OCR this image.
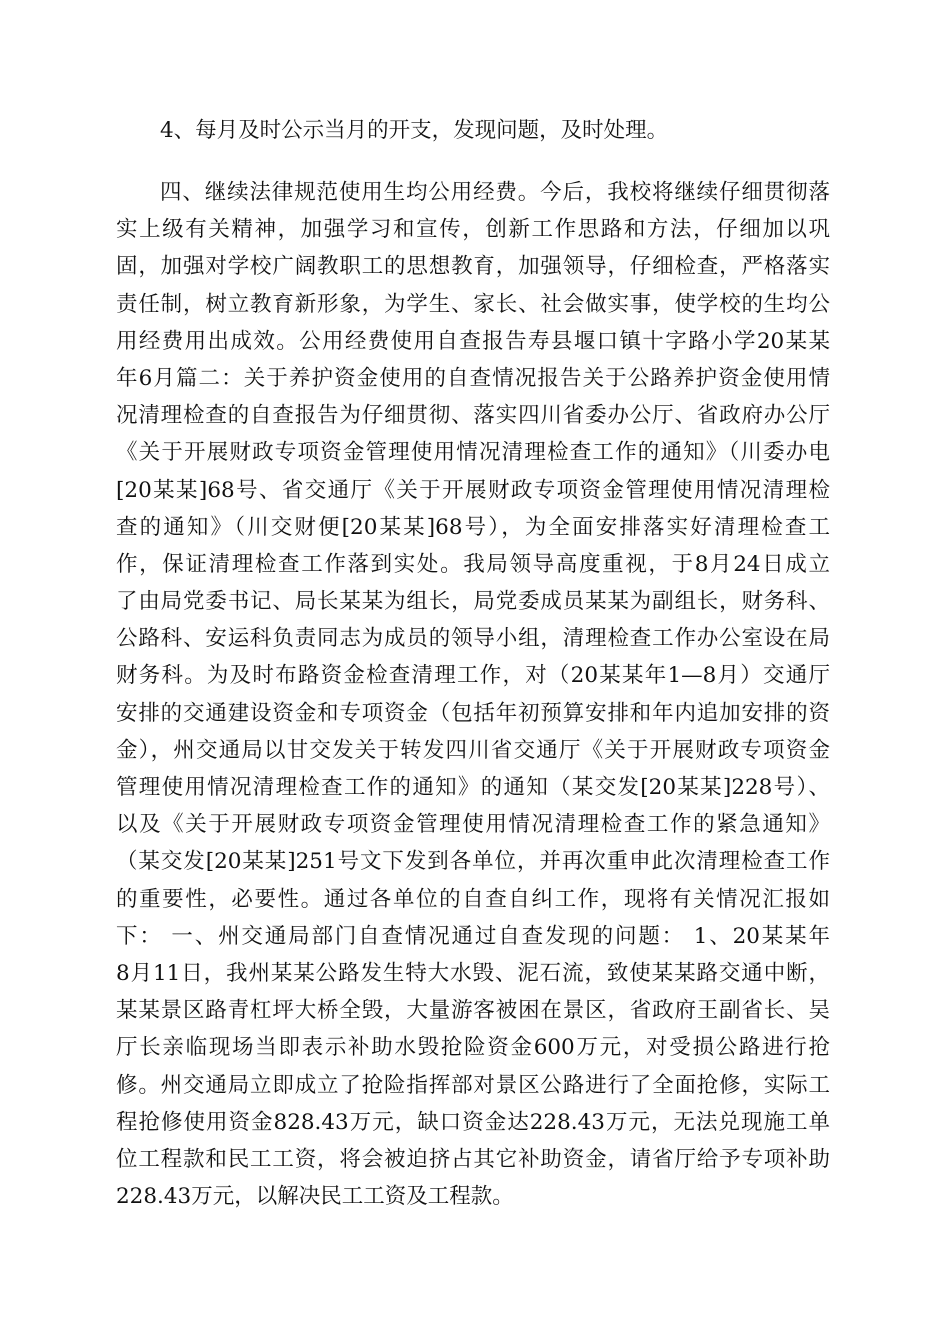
4、每月及时公示当月的开支，发现问题，及时处理。
四、继续法律规范使用生均公用经费。今后，我校将继续仔细贯彻落
实上级有关精神，加强学习和宣传，创新工作思路和方法，仔细加以巩
固，加强对学校广阔教职工的思想教育，加强领导，仔细检查，严格落实
责任制，树立教育新形象，为学生、家长、社会做实事，使学校的生均公
用经费用出成效。公用经费使用自查报告寿县堰口镇十字路小学20某某
年6月篇二：关于养护资金使用的自查情况报告关于公路养护资金使用情
况清理检查的自查报告为仔细贯彻、落实四川省委办公厅、省政府办公厅
《关于开展财政专项资金管理使用情况清理检查工作的通知》（川委办电
[20某某]68号、省交通厅《关于开展财政专项资金管理使用情况清理检
查的通知》（川交财便[20某某]68号），为全面安排落实好清理检查工
作，保证清理检查工作落到实处。我局领导高度重视，于8月24日成立
了由局党委书记、局长某某为组长，局党委成员某某为副组长，财务科、
公路科、安运科负责同志为成员的领导小组，清理检查工作办公室设在局
财务科。为及时布路资金检查清理工作，对（20某某年1—8月）交通厅
安排的交通建设资金和专项资金（包括年初预算安排和年内追加安排的资
金），州交通局以甘交发关于转发四川省交通厅《关于开展财政专项资金
管理使用情况清理检查工作的通知》的通知（某交发[20某某]228号）、
以及《关于开展财政专项资金管理使用情况清理检查工作的紧急通知》
（某交发[20某某]251号文下发到各单位，并再次重申此次清理检查工作
的重要性，必要性。通过各单位的自查自纠工作，现将有关情况汇报如
下： 一、州交通局部门自查情况通过自查发现的问题： 1、20某某年
8月11日，我州某某公路发生特大水毁、泥石流，致使某某路交通中断，
某某景区路青杠坪大桥全毁，大量游客被困在景区，省政府王副省长、吴
厅长亲临现场当即表示补助水毁抢险资金600万元，对受损公路进行抢
修。州交通局立即成立了抢险指挥部对景区公路进行了全面抢修，实际工
程抢修使用资金828.43万元，缺口资金达228.43万元，无法兑现施工单
位工程款和民工工资，将会被迫挤占其它补助资金，请省厅给予专项补助
228.43万元，以解决民工工资及工程款。
